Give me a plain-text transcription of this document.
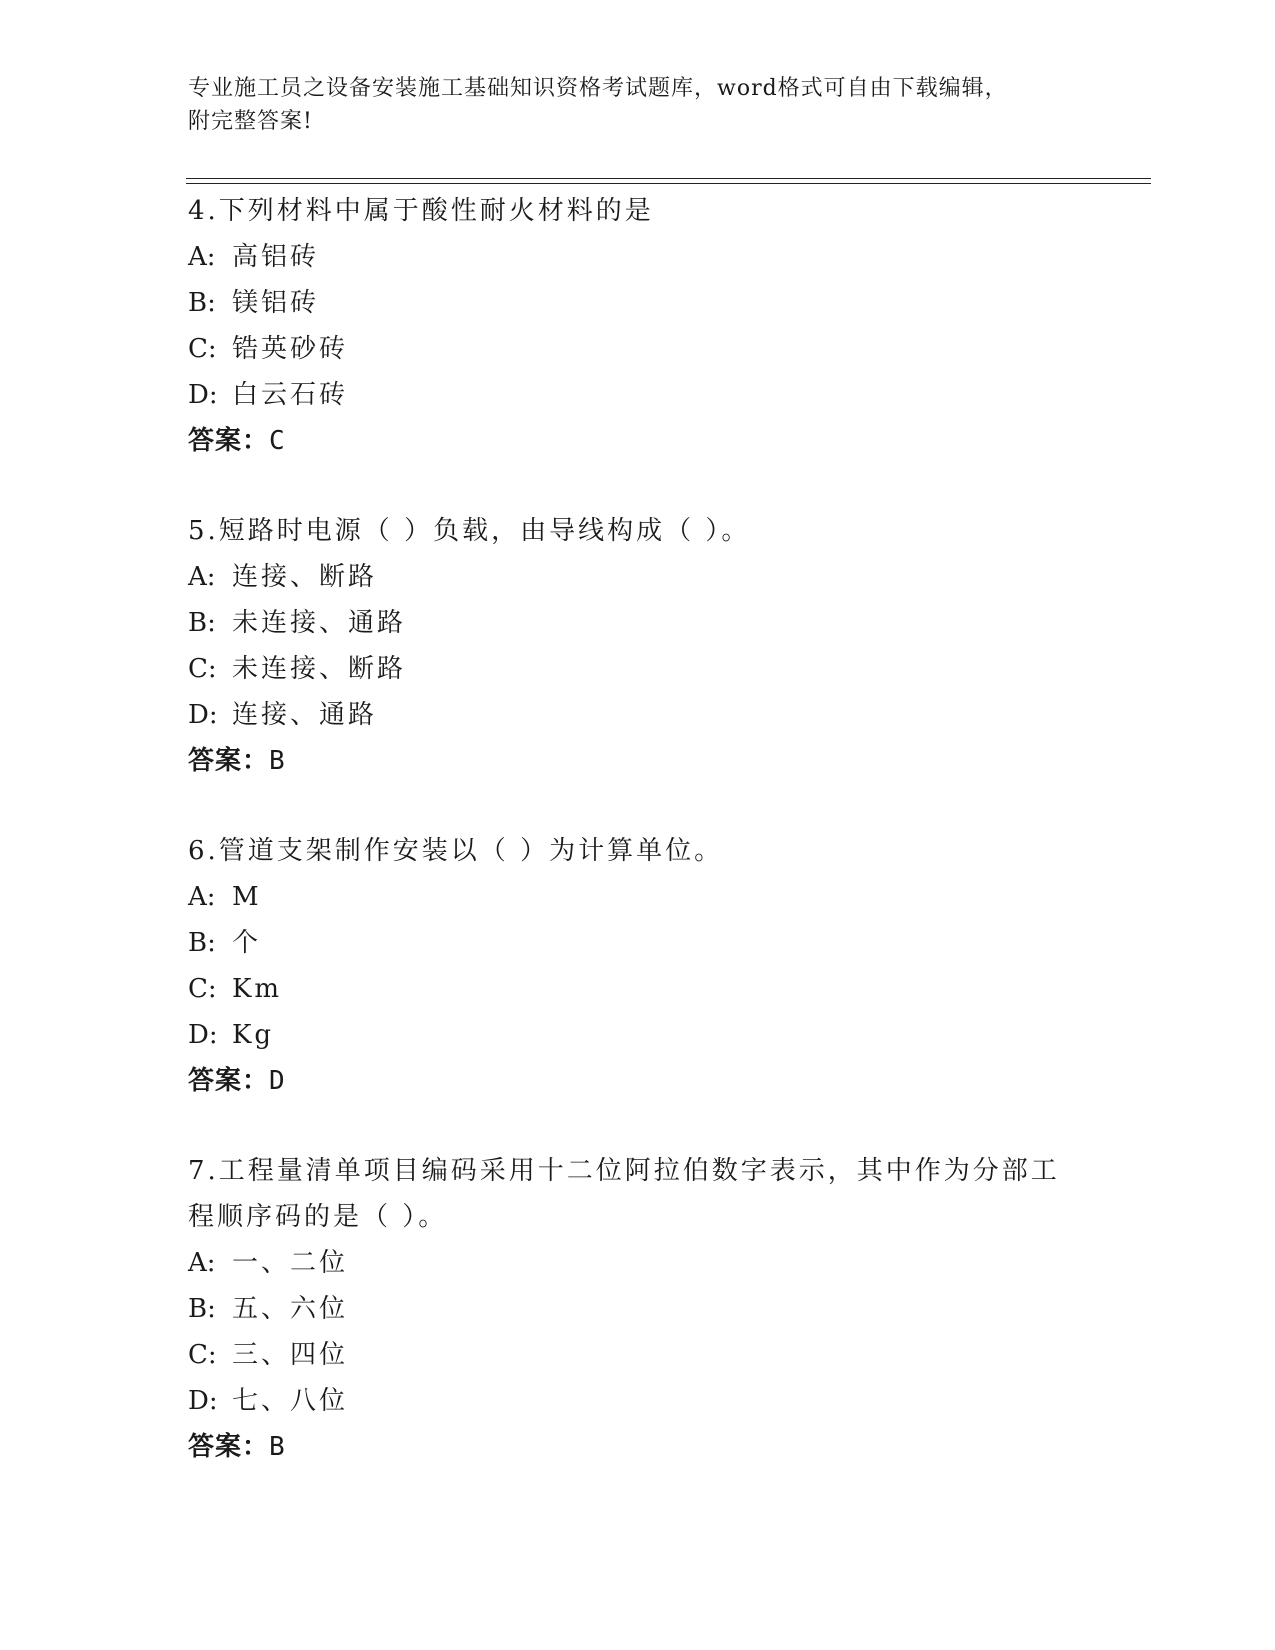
专业施工员之设备安装施工基础知识资格考试题库，word格式可自由下载编辑，
附完整答案!
4.下列材料中属于酸性耐火材料的是
A: 高铝砖
B: 镁铝砖
C: 锆英砂砖
D: 白云石砖
答案：C
5.短路时电源（ ）负载，由导线构成（ ）。
A: 连接、断路
B: 未连接、通路
C: 未连接、断路
D: 连接、通路
答案：B
6.管道支架制作安装以（ ）为计算单位。
A: M
B: 个
C: Km
D: Kg
答案：D
7.工程量清单项目编码采用十二位阿拉伯数字表示，其中作为分部工程顺序码的是（ ）。
A: 一、二位
B: 五、六位
C: 三、四位
D: 七、八位
答案：B
